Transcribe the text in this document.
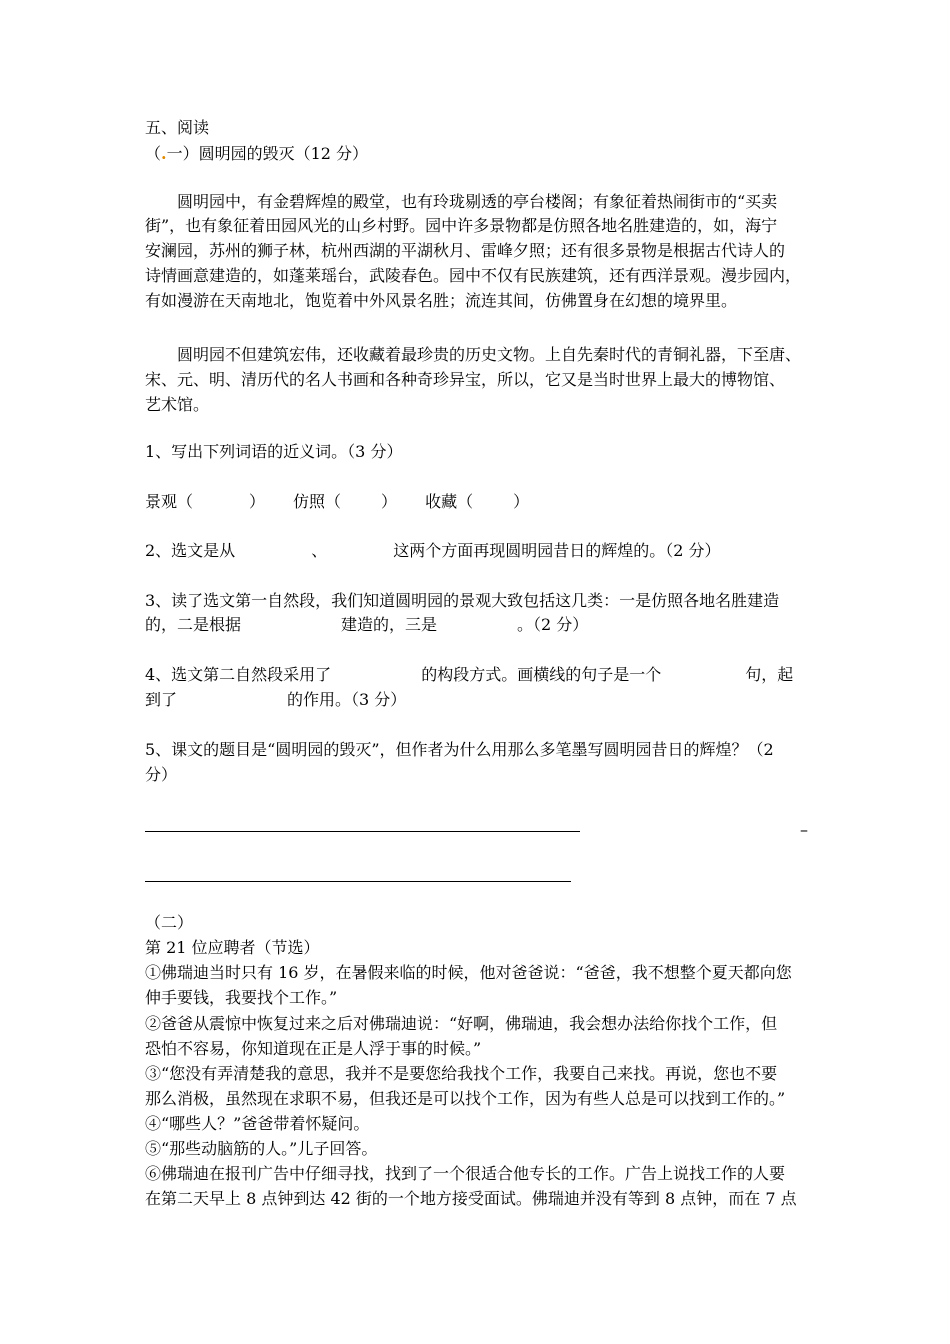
五、阅读
（.一）圆明园的毁灭（12 分）
圆明园中，有金碧辉煌的殿堂，也有玲珑剔透的亭台楼阁；有象征着热闹街市的“买卖
街”，也有象征着田园风光的山乡村野。园中许多景物都是仿照各地名胜建造的，如，海宁
安澜园，苏州的狮子林，杭州西湖的平湖秋月、雷峰夕照；还有很多景物是根据古代诗人的
诗情画意建造的，如蓬莱瑶台，武陵春色。园中不仅有民族建筑，还有西洋景观。漫步园内，
有如漫游在天南地北，饱览着中外风景名胜；流连其间，仿佛置身在幻想的境界里。
圆明园不但建筑宏伟，还收藏着最珍贵的历史文物。上自先秦时代的青铜礼器，下至唐、
宋、元、明、清历代的名人书画和各种奇珍异宝，所以，它又是当时世界上最大的博物馆、
艺术馆。
1、写出下列词语的近义词。（3 分）
景观（	） 仿照（	） 收藏（	）
2、选文是从	、	这两个方面再现圆明园昔日的辉煌的。（2 分）
3、读了选文第一自然段，我们知道圆明园的景观大致包括这几类：一是仿照各地名胜建造
的，二是根据	建造的，三是	。（2 分）
4、选文第二自然段采用了	的构段方式。画横线的句子是一个	句，起
到了	的作用。（3 分）
5、课文的题目是“圆明园的毁灭”，但作者为什么用那么多笔墨写圆明园昔日的辉煌？（2
分）
–
（二）
第 21 位应聘者（节选）
①佛瑞迪当时只有 16 岁，在暑假来临的时候，他对爸爸说：“爸爸，我不想整个夏天都向您
伸手要钱，我要找个工作。”
②爸爸从震惊中恢复过来之后对佛瑞迪说：“好啊，佛瑞迪，我会想办法给你找个工作，但
恐怕不容易，你知道现在正是人浮于事的时候。”
③“您没有弄清楚我的意思，我并不是要您给我找个工作，我要自己来找。再说，您也不要
那么消极，虽然现在求职不易，但我还是可以找个工作，因为有些人总是可以找到工作的。”
④“哪些人？”爸爸带着怀疑问。
⑤“那些动脑筋的人。”儿子回答。
⑥佛瑞迪在报刊广告中仔细寻找，找到了一个很适合他专长的工作。广告上说找工作的人要
在第二天早上 8 点钟到达 42 街的一个地方接受面试。佛瑞迪并没有等到 8 点钟，而在 7 点
